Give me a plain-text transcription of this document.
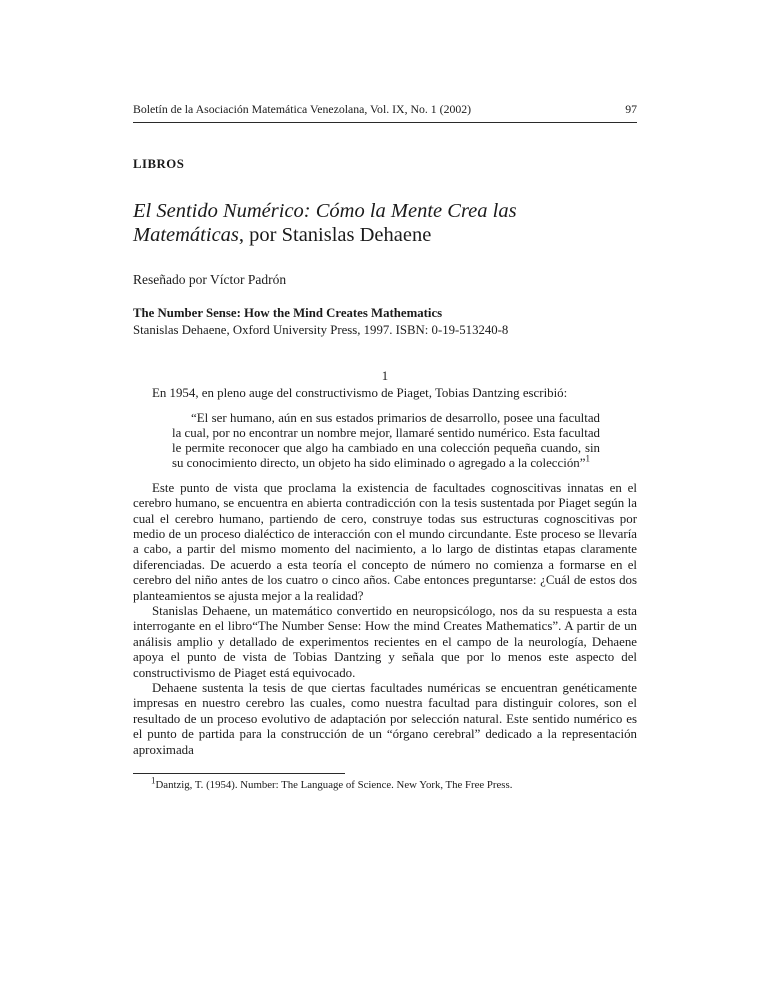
Boletín de la Asociación Matemática Venezolana, Vol. IX, No. 1 (2002)	97
LIBROS
El Sentido Numérico: Cómo la Mente Crea las Matemáticas, por Stanislas Dehaene
Reseñado por Víctor Padrón
The Number Sense: How the Mind Creates Mathematics
Stanislas Dehaene, Oxford University Press, 1997. ISBN: 0-19-513240-8
1

En 1954, en pleno auge del constructivismo de Piaget, Tobias Dantzing escribió:

“El ser humano, aún en sus estados primarios de desarrollo, posee una facultad la cual, por no encontrar un nombre mejor, llamaré sentido numérico. Esta facultad le permite reconocer que algo ha cambiado en una colección pequeña cuando, sin su conocimiento directo, un objeto ha sido eliminado o agregado a la colección”$^1$

Este punto de vista que proclama la existencia de facultades cognoscitivas innatas en el cerebro humano, se encuentra en abierta contradicción con la tesis sustentada por Piaget según la cual el cerebro humano, partiendo de cero, construye todas sus estructuras cognoscitivas por medio de un proceso dialéctico de interacción con el mundo circundante. Este proceso se llevaría a cabo, a partir del mismo momento del nacimiento, a lo largo de distintas etapas claramente diferenciadas. De acuerdo a esta teoría el concepto de número no comienza a formarse en el cerebro del niño antes de los cuatro o cinco años. Cabe entonces preguntarse: ¿Cuál de estos dos planteamientos se ajusta mejor a la realidad?

Stanislas Dehaene, un matemático convertido en neuropsicólogo, nos da su respuesta a esta interrogante en el libro“The Number Sense: How the mind Creates Mathematics”. A partir de un análisis amplio y detallado de experimentos recientes en el campo de la neurología, Dehaene apoya el punto de vista de Tobias Dantzing y señala que por lo menos este aspecto del constructivismo de Piaget está equivocado.

Dehaene sustenta la tesis de que ciertas facultades numéricas se encuentran genéticamente impresas en nuestro cerebro las cuales, como nuestra facultad para distinguir colores, son el resultado de un proceso evolutivo de adaptación por selección natural. Este sentido numérico es el punto de partida para la construcción de un “órgano cerebral” dedicado a la representación aproximada

$^1$Dantzig, T. (1954). Number: The Language of Science. New York, The Free Press.
